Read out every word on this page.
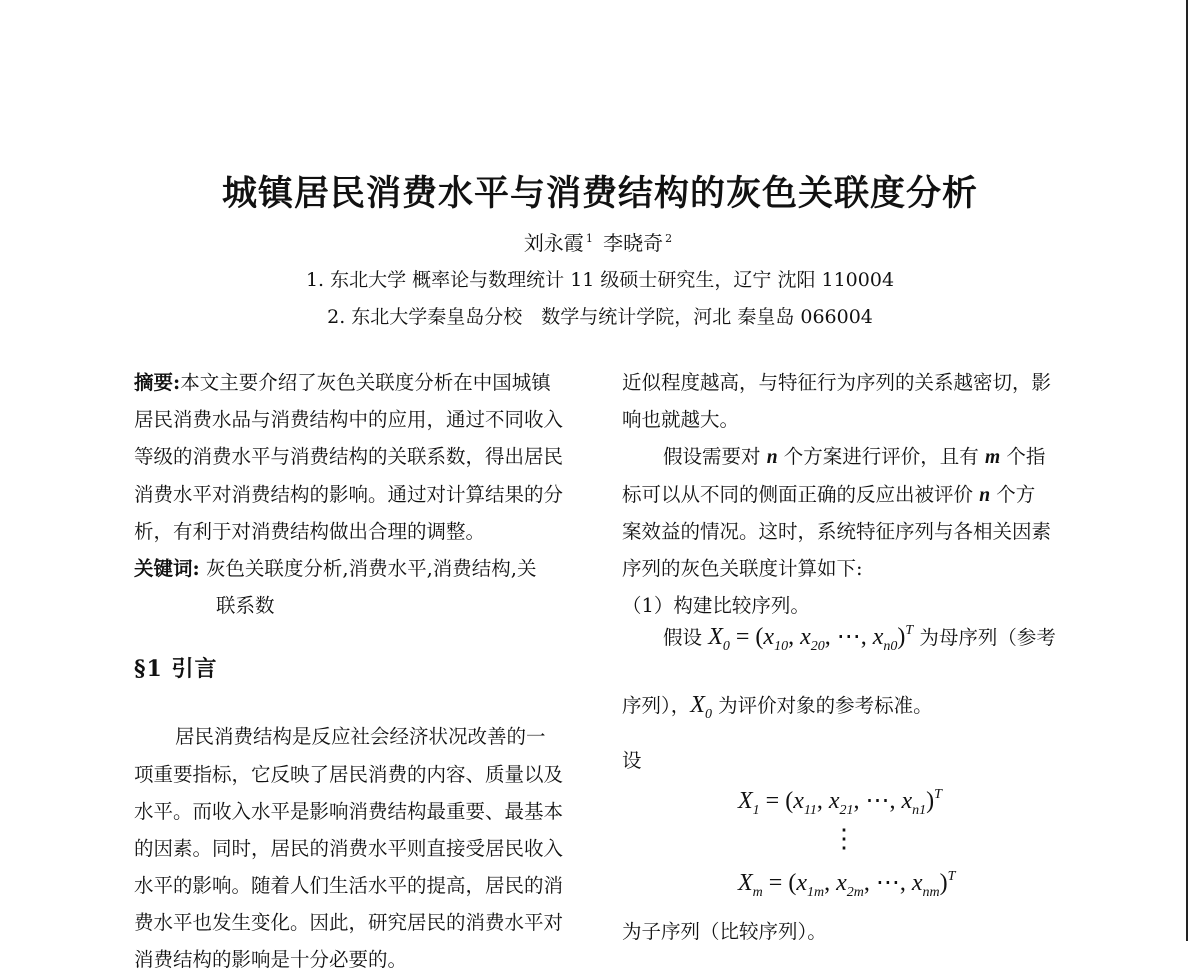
城镇居民消费水平与消费结构的灰色关联度分析
刘永霞 $^1$ 李晓奇 $^2$
1. 东北大学 概率论与数理统计 11 级硕士研究生，辽宁 沈阳 110004
2. 东北大学秦皇岛分校　数学与统计学院，河北 秦皇岛 066004
摘要:本文主要介绍了灰色关联度分析在中国城镇
居民消费水品与消费结构中的应用，通过不同收入
等级的消费水平与消费结构的关联系数，得出居民
消费水平对消费结构的影响。通过对计算结果的分
析，有利于对消费结构做出合理的调整。
关键词: 灰色关联度分析,消费水平,消费结构,关
联系数
§1 引言
居民消费结构是反应社会经济状况改善的一
项重要指标，它反映了居民消费的内容、质量以及
水平。而收入水平是影响消费结构最重要、最基本
的因素。同时，居民的消费水平则直接受居民收入
水平的影响。随着人们生活水平的提高，居民的消
费水平也发生变化。因此，研究居民的消费水平对
消费结构的影响是十分必要的。
近似程度越高，与特征行为序列的关系越密切，影
响也就越大。
假设需要对 n 个方案进行评价，且有 m 个指
标可以从不同的侧面正确的反应出被评价 n 个方
案效益的情况。这时，系统特征序列与各相关因素
序列的灰色关联度计算如下:
（1）构建比较序列。
假设 $X_0 = (x_{10}$, $x_{20}$, ⋯, $x_{n0})^T$ 为母序列（参考
序列），$X_0$ 为评价对象的参考标准。
设
$X_1 = (x_{11}$, $x_{21}$, ⋯, $x_{n1})^T$
⋮
$X_m = (x_{1m}$, $x_{2m}$, ⋯, $x_{nm})^T$
为子序列（比较序列）。
